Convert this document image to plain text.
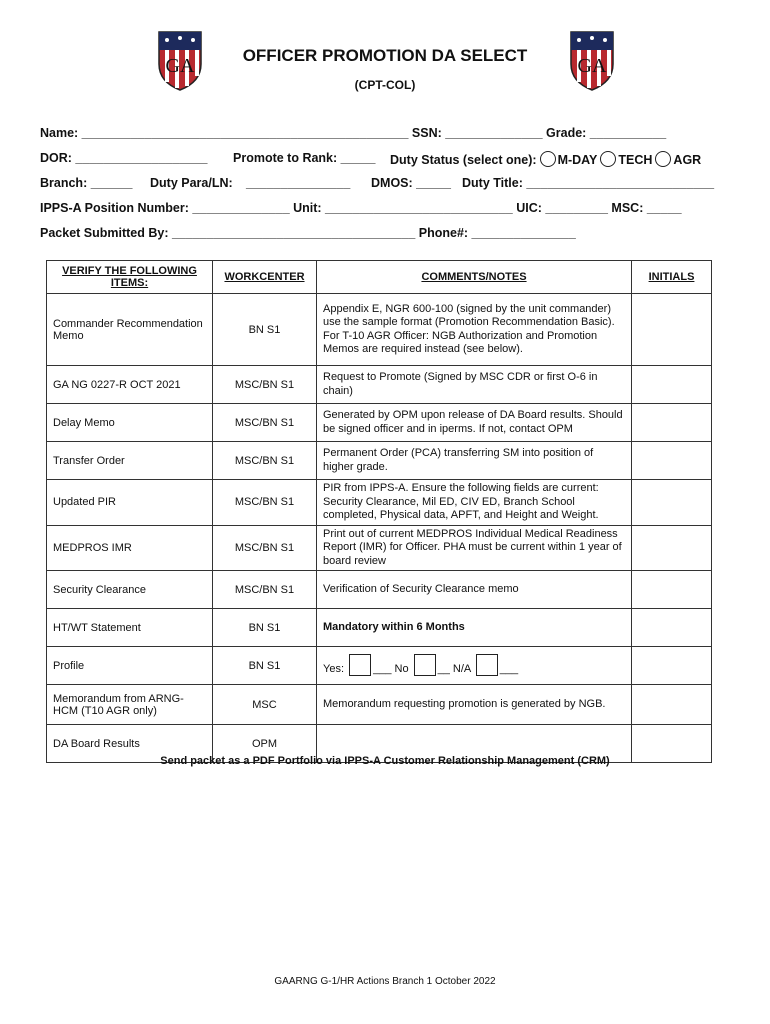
GA	GA
OFFICER PROMOTION DA SELECT
(CPT-COL)
Name: _______________________________________________ SSN: ______________ Grade: ___________
DOR: ___________________ Promote to Rank: _____ Duty Status (select one): M-DAY TECH AGR
Branch: ______ Duty Para/LN: _______________ DMOS: _____ Duty Title: ___________________________
IPPS-A Position Number: ______________ Unit: ___________________________ UIC: _________ MSC: _____
Packet Submitted By: ___________________________________ Phone#: _______________
VERIFY THE FOLLOWING ITEMS:	WORKCENTER	COMMENTS/NOTES	INITIALS
Commander Recommendation Memo	BN S1	Appendix E, NGR 600-100 (signed by the unit commander) use the sample format (Promotion Recommendation Basic). For T-10 AGR Officer: NGB Authorization and Promotion Memos are required instead (see below).	
GA NG 0227-R OCT 2021	MSC/BN S1	Request to Promote (Signed by MSC CDR or first O-6 in chain)	
Delay Memo	MSC/BN S1	Generated by OPM upon release of DA Board results. Should be signed officer and in iperms. If not, contact OPM	
Transfer Order	MSC/BN S1	Permanent Order (PCA) transferring SM into position of higher grade.	
Updated PIR	MSC/BN S1	PIR from IPPS-A. Ensure the following fields are current: Security Clearance, Mil ED, CIV ED, Branch School completed, Physical data, APFT, and Height and Weight.	
MEDPROS IMR	MSC/BN S1	Print out of current MEDPROS Individual Medical Readiness Report (IMR) for Officer. PHA must be current within 1 year of board review	
Security Clearance	MSC/BN S1	Verification of Security Clearance memo	
HT/WT Statement	BN S1	Mandatory within 6 Months	
Profile	BN S1	Yes: ___ No __ N/A ___	
Memorandum from ARNG-HCM (T10 AGR only)	MSC	Memorandum requesting promotion is generated by NGB.	
DA Board Results	OPM		
Send packet as a PDF Portfolio via IPPS-A Customer Relationship Management (CRM)
GAARNG G-1/HR Actions Branch 1 October 2022
